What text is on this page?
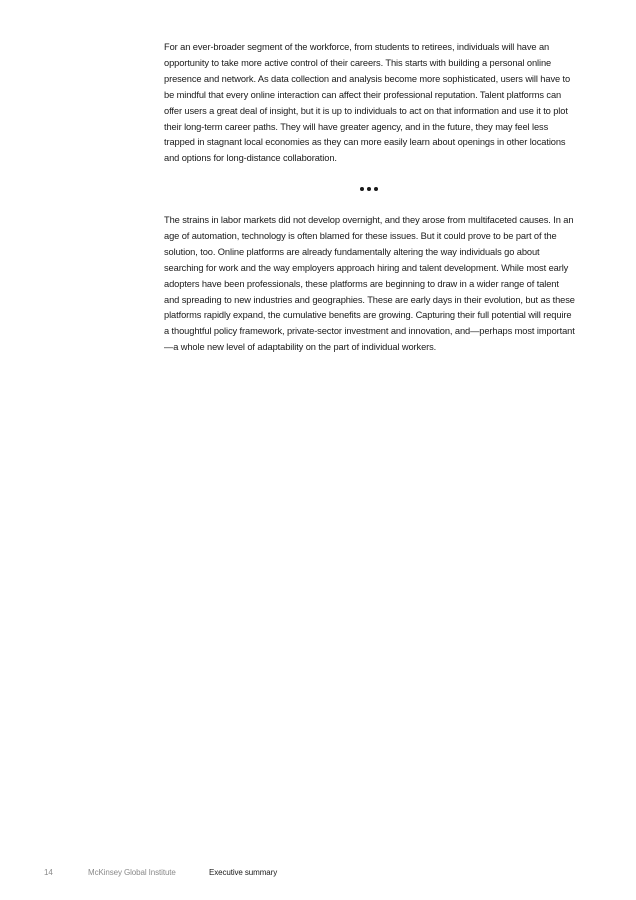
For an ever-broader segment of the workforce, from students to retirees, individuals will have an opportunity to take more active control of their careers. This starts with building a personal online presence and network. As data collection and analysis become more sophisticated, users will have to be mindful that every online interaction can affect their professional reputation. Talent platforms can offer users a great deal of insight, but it is up to individuals to act on that information and use it to plot their long-term career paths. They will have greater agency, and in the future, they may feel less trapped in stagnant local economies as they can more easily learn about openings in other locations and options for long-distance collaboration.

The strains in labor markets did not develop overnight, and they arose from multifaceted causes. In an age of automation, technology is often blamed for these issues. But it could prove to be part of the solution, too. Online platforms are already fundamentally altering the way individuals go about searching for work and the way employers approach hiring and talent development. While most early adopters have been professionals, these platforms are beginning to draw in a wider range of talent and spreading to new industries and geographies. These are early days in their evolution, but as these platforms rapidly expand, the cumulative benefits are growing. Capturing their full potential will require a thoughtful policy framework, private-sector investment and innovation, and—perhaps most important—a whole new level of adaptability on the part of individual workers.

14	McKinsey Global Institute	Executive summary
